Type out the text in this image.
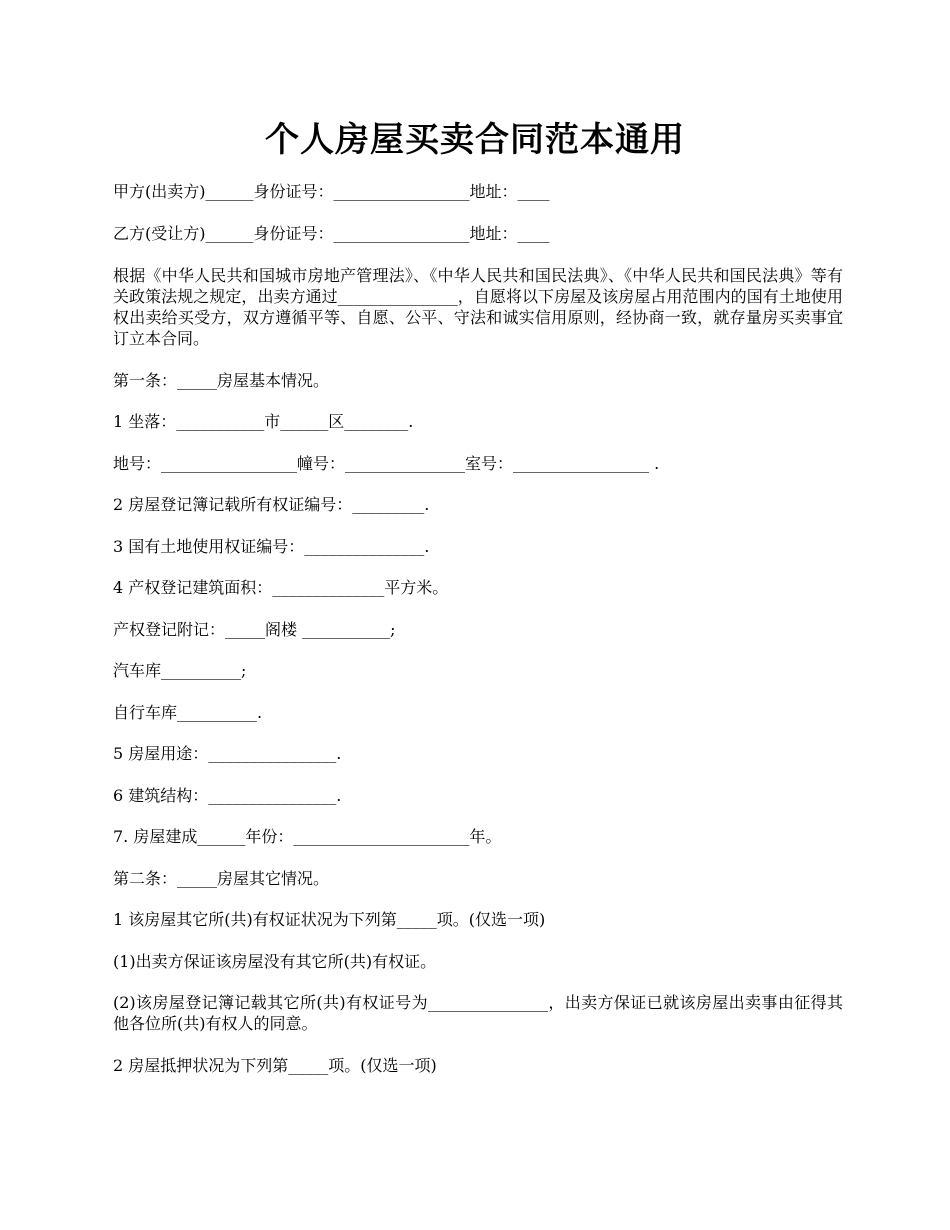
个人房屋买卖合同范本通用
甲方(出卖方)______身份证号：_________________地址：____
乙方(受让方)______身份证号：_________________地址：____
根据《中华人民共和国城市房地产管理法》、《中华人民共和国民法典》、《中华人民共和国民法典》等有关政策法规之规定，出卖方通过_______________，自愿将以下房屋及该房屋占用范围内的国有土地使用权出卖给买受方，双方遵循平等、自愿、公平、守法和诚实信用原则，经协商一致，就存量房买卖事宜订立本合同。
第一条：_____房屋基本情况。
1 坐落：___________市______区________.
地号：_________________幢号：_______________室号：_________________ .
2 房屋登记簿记载所有权证编号：_________.
3 国有土地使用权证编号：_______________.
4 产权登记建筑面积：______________平方米。
产权登记附记：_____阁楼 ___________;
汽车库__________;
自行车库__________.
5 房屋用途：________________.
6 建筑结构：________________.
7. 房屋建成______年份：______________________年。
第二条：_____房屋其它情况。
1 该房屋其它所(共)有权证状况为下列第_____项。(仅选一项)
(1)出卖方保证该房屋没有其它所(共)有权证。
(2)该房屋登记簿记载其它所(共)有权证号为_______________，出卖方保证已就该房屋出卖事由征得其他各位所(共)有权人的同意。
2 房屋抵押状况为下列第_____项。(仅选一项)
